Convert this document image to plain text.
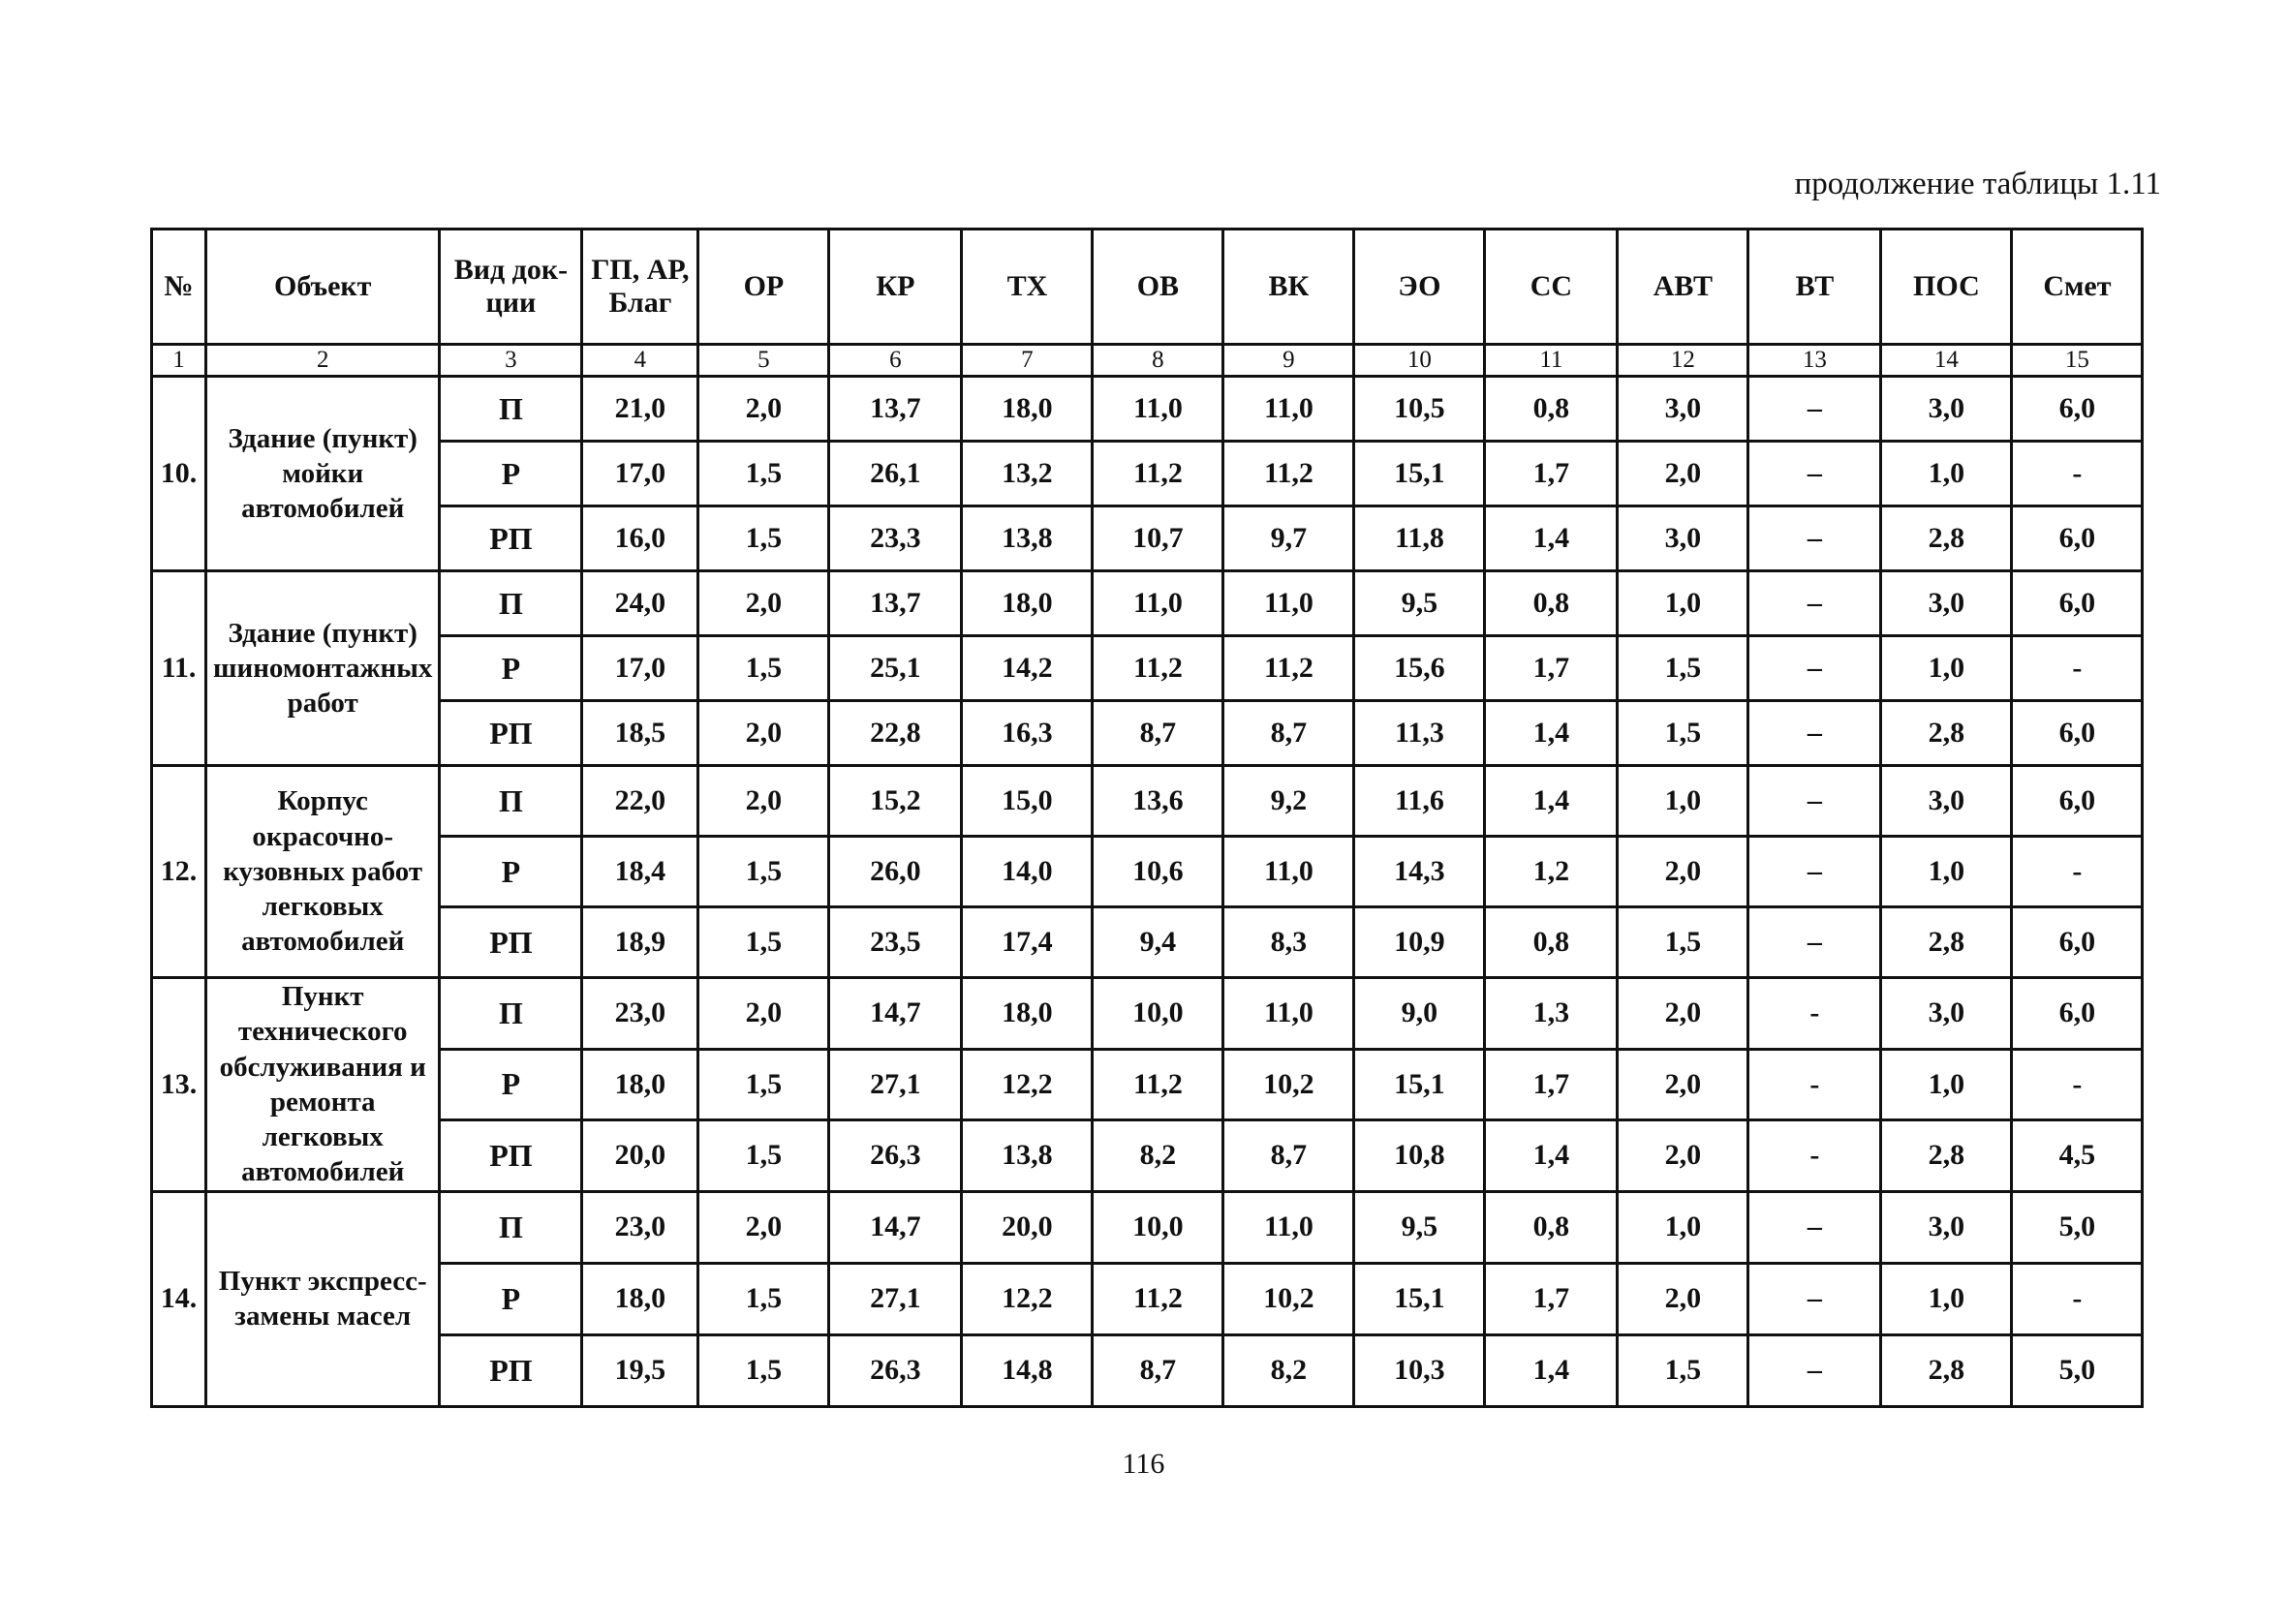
продолжение таблицы 1.11
№	Объект	Вид док-ции	ГП, АР, Благ	ОР	КР	ТХ	ОВ	ВК	ЭО	СС	АВТ	ВТ	ПОС	Смет
1	2	3	4	5	6	7	8	9	10	11	12	13	14	15
10.	Здание (пункт) мойки автомобилей	П	21,0	2,0	13,7	18,0	11,0	11,0	10,5	0,8	3,0	–	3,0	6,0
		Р	17,0	1,5	26,1	13,2	11,2	11,2	15,1	1,7	2,0	–	1,0	-
		РП	16,0	1,5	23,3	13,8	10,7	9,7	11,8	1,4	3,0	–	2,8	6,0
11.	Здание (пункт) шиномонтажных работ	П	24,0	2,0	13,7	18,0	11,0	11,0	9,5	0,8	1,0	–	3,0	6,0
		Р	17,0	1,5	25,1	14,2	11,2	11,2	15,6	1,7	1,5	–	1,0	-
		РП	18,5	2,0	22,8	16,3	8,7	8,7	11,3	1,4	1,5	–	2,8	6,0
12.	Корпус окрасочно-кузовных работ легковых автомобилей	П	22,0	2,0	15,2	15,0	13,6	9,2	11,6	1,4	1,0	–	3,0	6,0
		Р	18,4	1,5	26,0	14,0	10,6	11,0	14,3	1,2	2,0	–	1,0	-
		РП	18,9	1,5	23,5	17,4	9,4	8,3	10,9	0,8	1,5	–	2,8	6,0
13.	Пункт технического обслуживания и ремонта легковых автомобилей	П	23,0	2,0	14,7	18,0	10,0	11,0	9,0	1,3	2,0	-	3,0	6,0
		Р	18,0	1,5	27,1	12,2	11,2	10,2	15,1	1,7	2,0	-	1,0	-
		РП	20,0	1,5	26,3	13,8	8,2	8,7	10,8	1,4	2,0	-	2,8	4,5
14.	Пункт экспресс-замены масел	П	23,0	2,0	14,7	20,0	10,0	11,0	9,5	0,8	1,0	–	3,0	5,0
		Р	18,0	1,5	27,1	12,2	11,2	10,2	15,1	1,7	2,0	–	1,0	-
		РП	19,5	1,5	26,3	14,8	8,7	8,2	10,3	1,4	1,5	–	2,8	5,0
116
